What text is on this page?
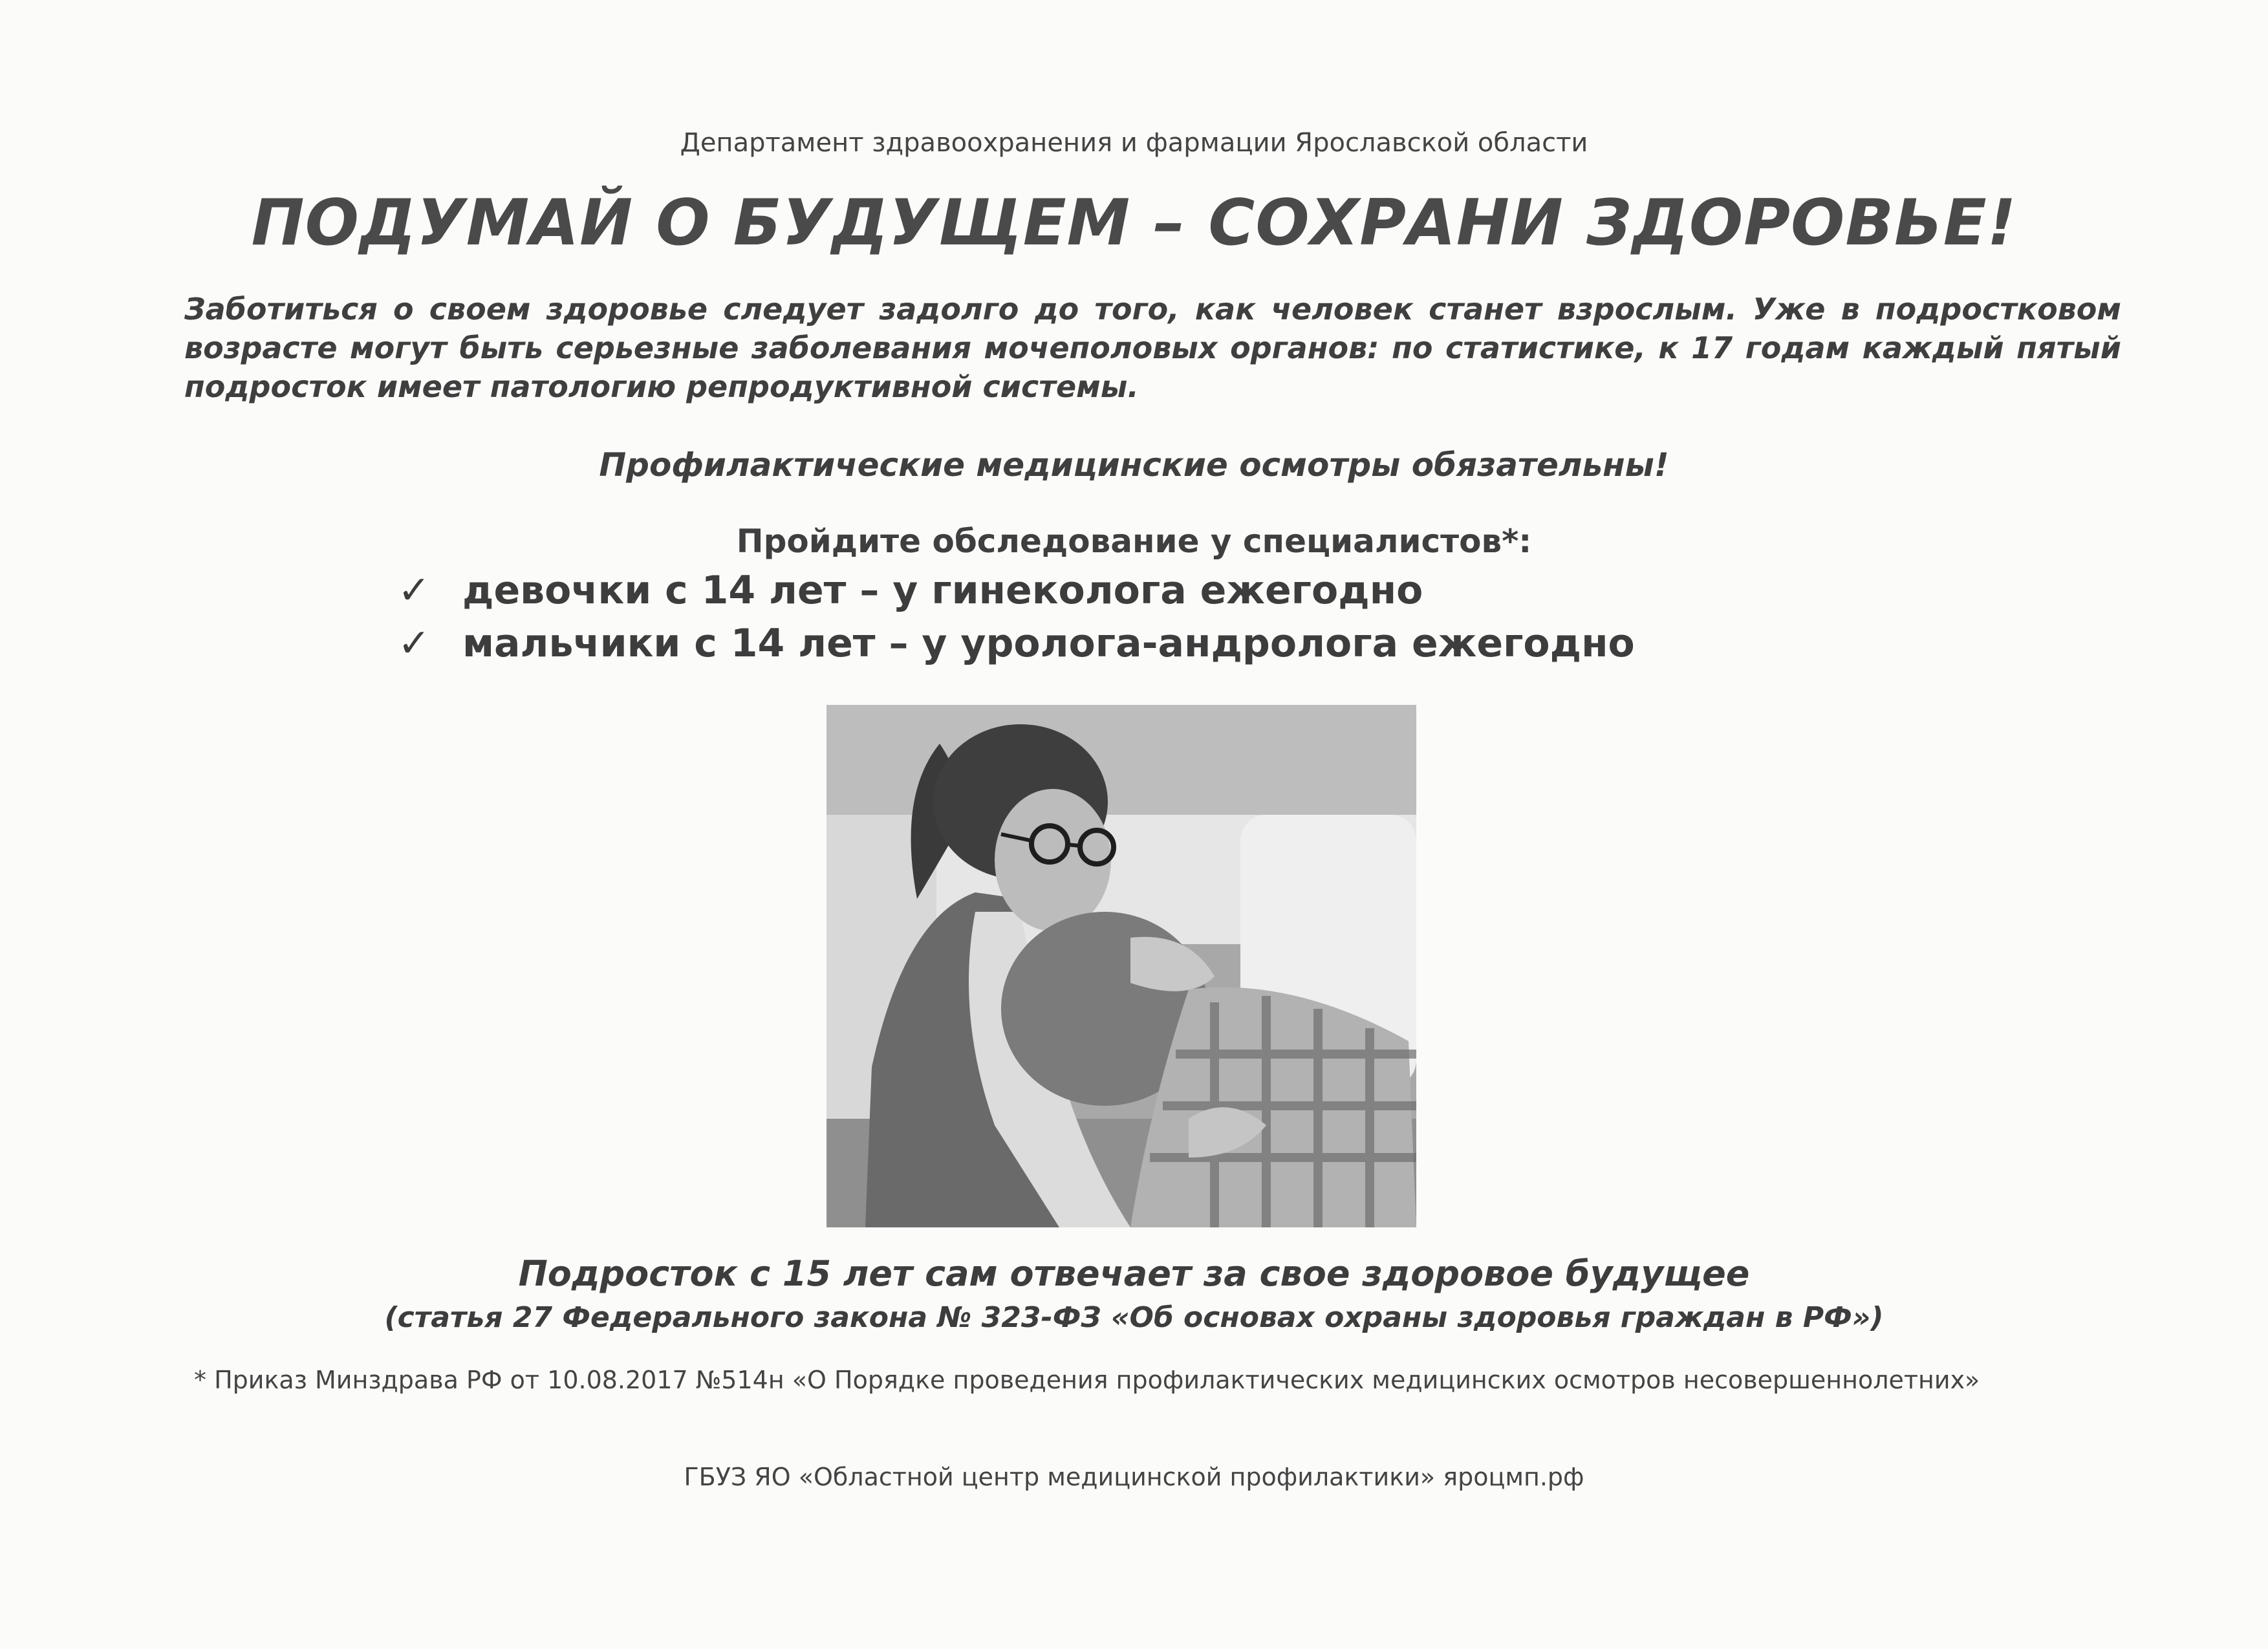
Департамент здравоохранения и фармации Ярославской области
ПОДУМАЙ О БУДУЩЕМ – СОХРАНИ ЗДОРОВЬЕ!
Заботиться о своем здоровье следует задолго до того, как человек станет взрослым. Уже в подростковом возрасте могут быть серьезные заболевания мочеполовых органов: по статистике, к 17 годам каждый пятый подросток имеет патологию репродуктивной системы.
Профилактические медицинские осмотры обязательны!
Пройдите обследование у специалистов*:
✓ девочки с 14 лет – у гинеколога ежегодно
✓ мальчики с 14 лет – у уролога-андролога ежегодно
Подросток с 15 лет сам отвечает за свое здоровое будущее
(статья 27 Федерального закона № 323-ФЗ «Об основах охраны здоровья граждан в РФ»)
* Приказ Минздрава РФ от 10.08.2017 №514н «О Порядке проведения профилактических медицинских осмотров несовершеннолетних»
ГБУЗ ЯО «Областной центр медицинской профилактики» яроцмп.рф
